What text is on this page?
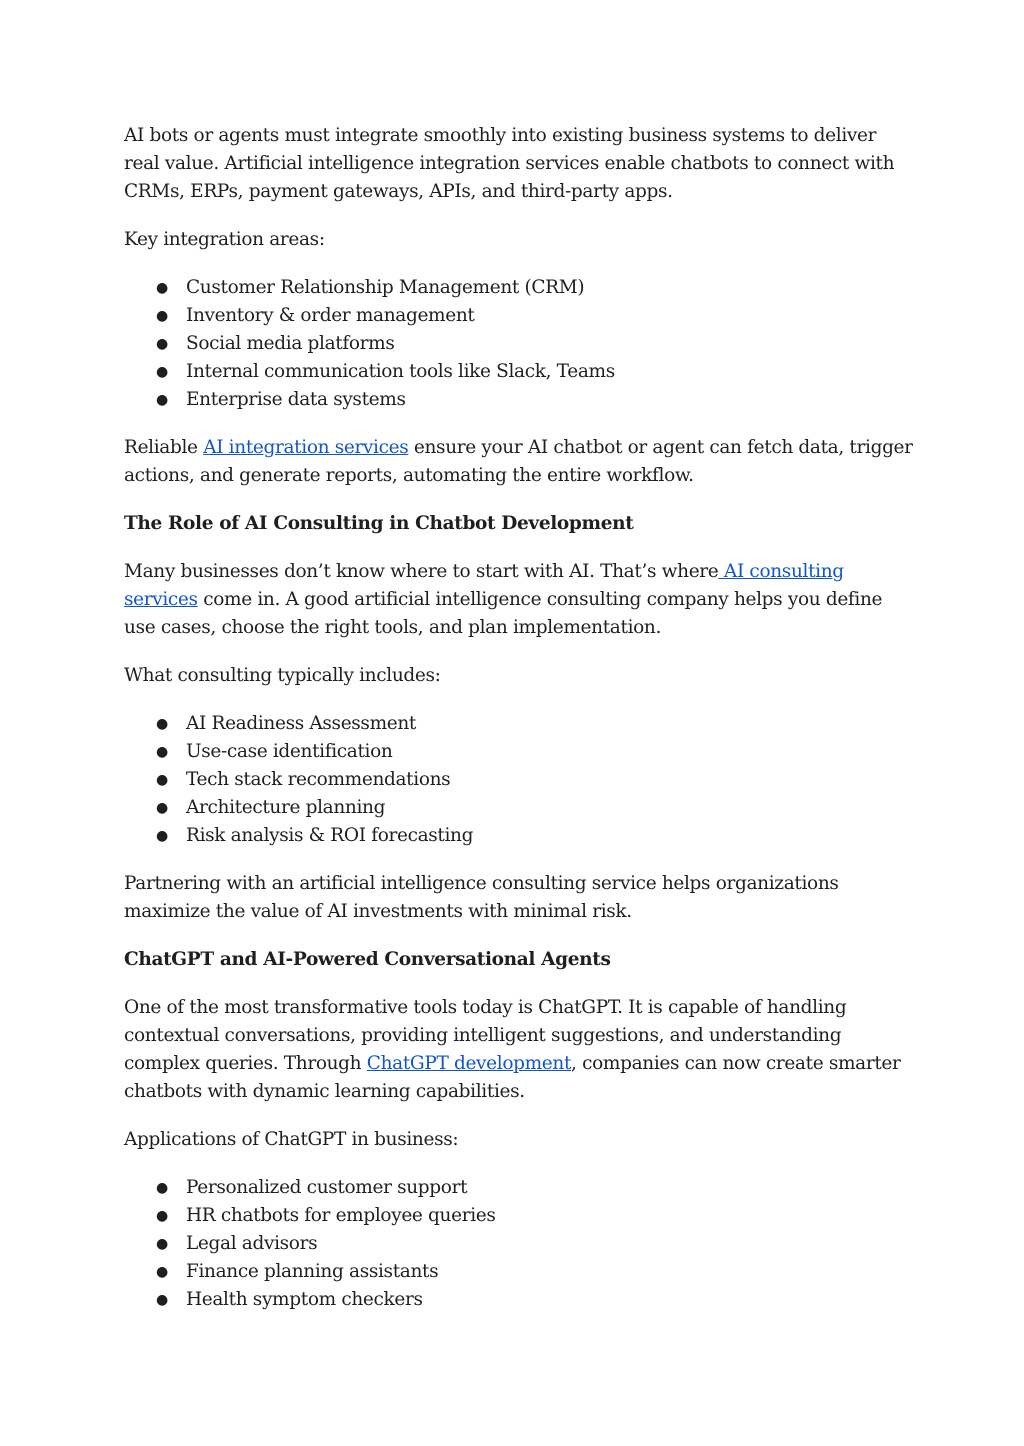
AI bots or agents must integrate smoothly into existing business systems to deliver real value. Artificial intelligence integration services enable chatbots to connect with CRMs, ERPs, payment gateways, APIs, and third-party apps.

Key integration areas:

● Customer Relationship Management (CRM)
● Inventory & order management
● Social media platforms
● Internal communication tools like Slack, Teams
● Enterprise data systems

Reliable AI integration services ensure your AI chatbot or agent can fetch data, trigger actions, and generate reports, automating the entire workflow.

The Role of AI Consulting in Chatbot Development

Many businesses don’t know where to start with AI. That’s where AI consulting services come in. A good artificial intelligence consulting company helps you define use cases, choose the right tools, and plan implementation.

What consulting typically includes:

● AI Readiness Assessment
● Use-case identification
● Tech stack recommendations
● Architecture planning
● Risk analysis & ROI forecasting

Partnering with an artificial intelligence consulting service helps organizations maximize the value of AI investments with minimal risk.

ChatGPT and AI-Powered Conversational Agents

One of the most transformative tools today is ChatGPT. It is capable of handling contextual conversations, providing intelligent suggestions, and understanding complex queries. Through ChatGPT development, companies can now create smarter chatbots with dynamic learning capabilities.

Applications of ChatGPT in business:

● Personalized customer support
● HR chatbots for employee queries
● Legal advisors
● Finance planning assistants
● Health symptom checkers
